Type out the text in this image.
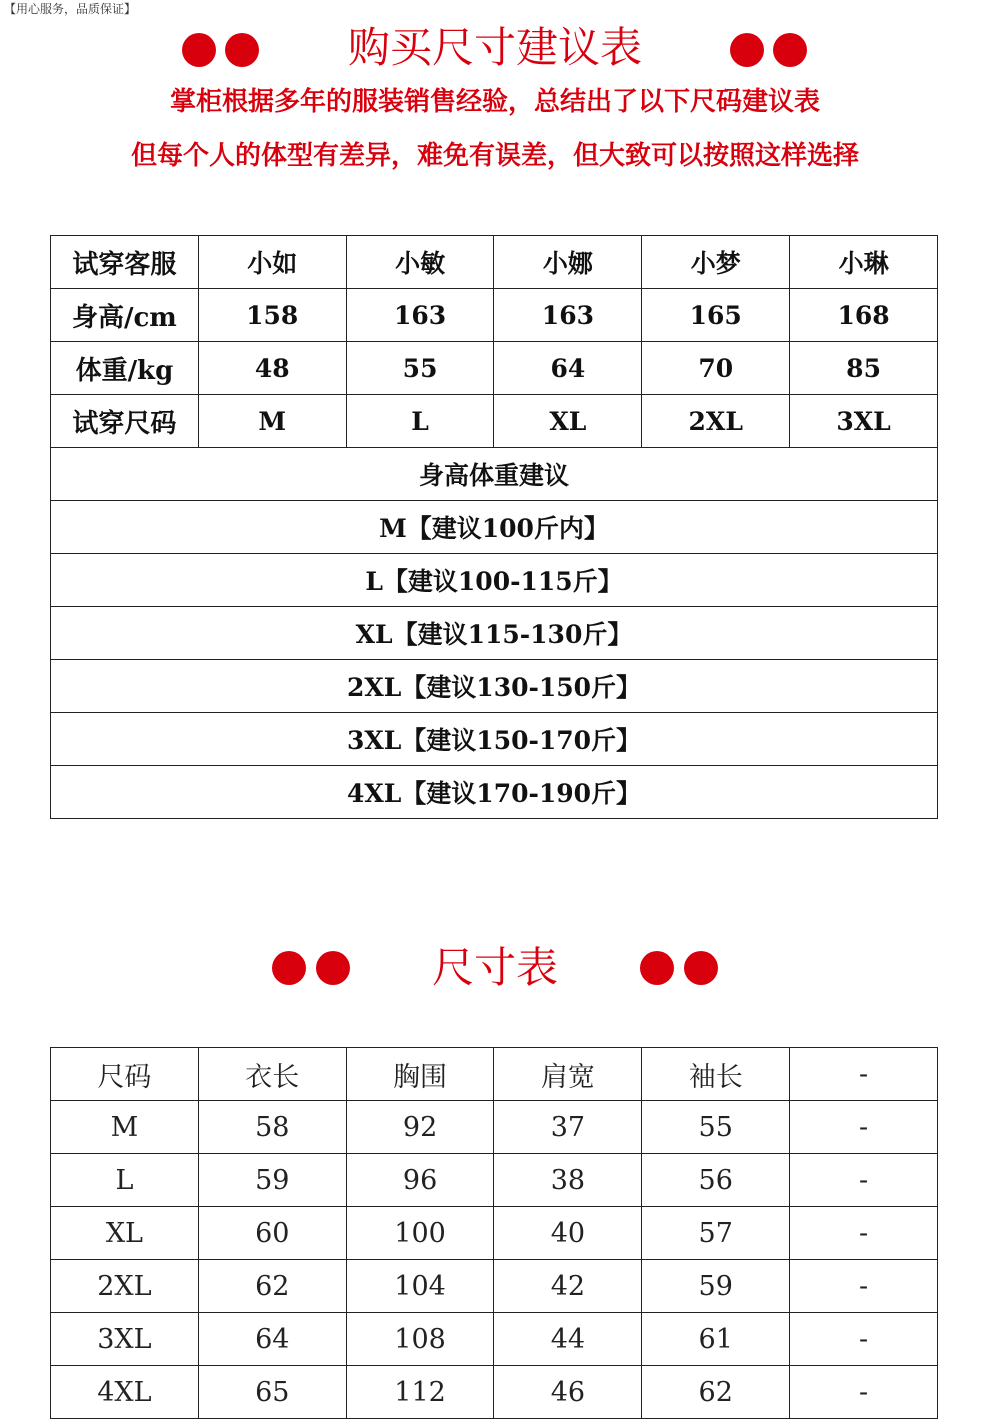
【用心服务，品质保证】
购买尺寸建议表
掌柜根据多年的服装销售经验，总结出了以下尺码建议表
但每个人的体型有差异，难免有误差，但大致可以按照这样选择
试穿客服	小如	小敏	小娜	小梦	小琳
身高/cm	158	163	163	165	168
体重/kg	48	55	64	70	85
试穿尺码	M	L	XL	2XL	3XL
身高体重建议					
M【建议100斤内】					
L【建议100-115斤】					
XL【建议115-130斤】					
2XL【建议130-150斤】					
3XL【建议150-170斤】					
4XL【建议170-190斤】					
尺寸表
尺码	衣长	胸围	肩宽	袖长	-
M	58	92	37	55	-
L	59	96	38	56	-
XL	60	100	40	57	-
2XL	62	104	42	59	-
3XL	64	108	44	61	-
4XL	65	112	46	62	-
